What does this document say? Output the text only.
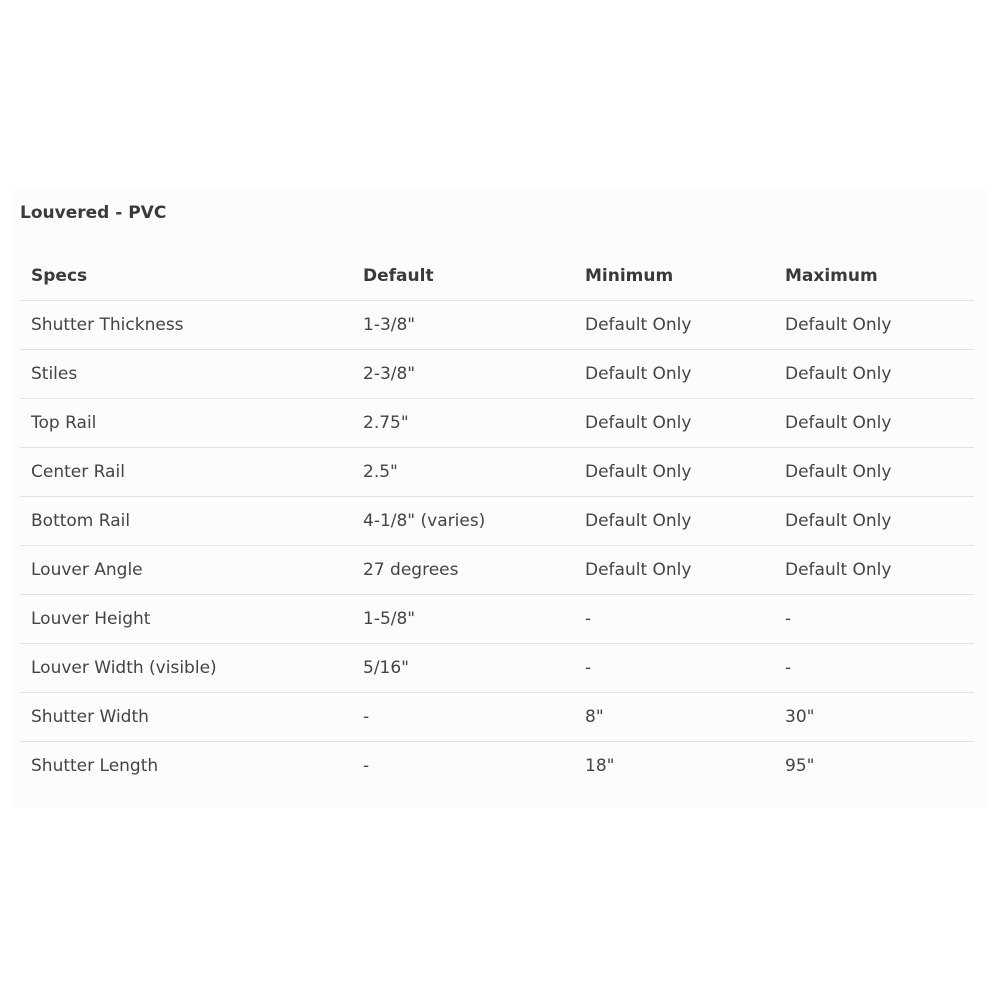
Louvered - PVC
Specs	Default	Minimum	Maximum
Shutter Thickness	1-3/8"	Default Only	Default Only
Stiles	2-3/8"	Default Only	Default Only
Top Rail	2.75"	Default Only	Default Only
Center Rail	2.5"	Default Only	Default Only
Bottom Rail	4-1/8" (varies)	Default Only	Default Only
Louver Angle	27 degrees	Default Only	Default Only
Louver Height	1-5/8"	-	-
Louver Width (visible)	5/16"	-	-
Shutter Width	-	8"	30"
Shutter Length	-	18"	95"
